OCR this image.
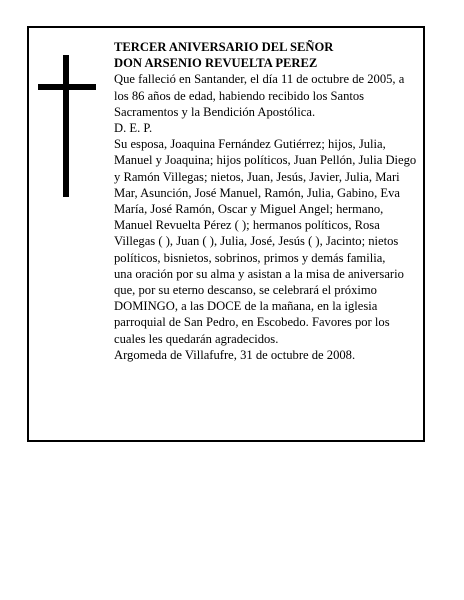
TERCER ANIVERSARIO DEL SEÑOR

DON ARSENIO REVUELTA PEREZ

Que falleció en Santander, el día 11 de octubre de 2005, a los 86 años de edad, habiendo recibido los Santos Sacramentos y la Bendición Apostólica.

D. E. P.

Su esposa, Joaquina Fernández Gutiérrez; hijos, Julia, Manuel y Joaquina; hijos políticos, Juan Pellón, Julia Diego y Ramón Villegas; nietos, Juan, Jesús, Javier, Julia, Mari Mar, Asunción, José Manuel, Ramón, Julia, Gabino, Eva María, José Ramón, Oscar y Miguel Angel; hermano, Manuel Revuelta Pérez ( ); hermanos políticos, Rosa Villegas ( ), Juan ( ), Julia, José, Jesús ( ), Jacinto; nietos políticos, bisnietos, sobrinos, primos y demás familia,

una oración por su alma y asistan a la misa de aniversario que, por su eterno descanso, se celebrará el próximo DOMINGO, a las DOCE de la mañana, en la iglesia parroquial de San Pedro, en Escobedo. Favores por los cuales les quedarán agradecidos.

Argomeda de Villafufre, 31 de octubre de 2008.
